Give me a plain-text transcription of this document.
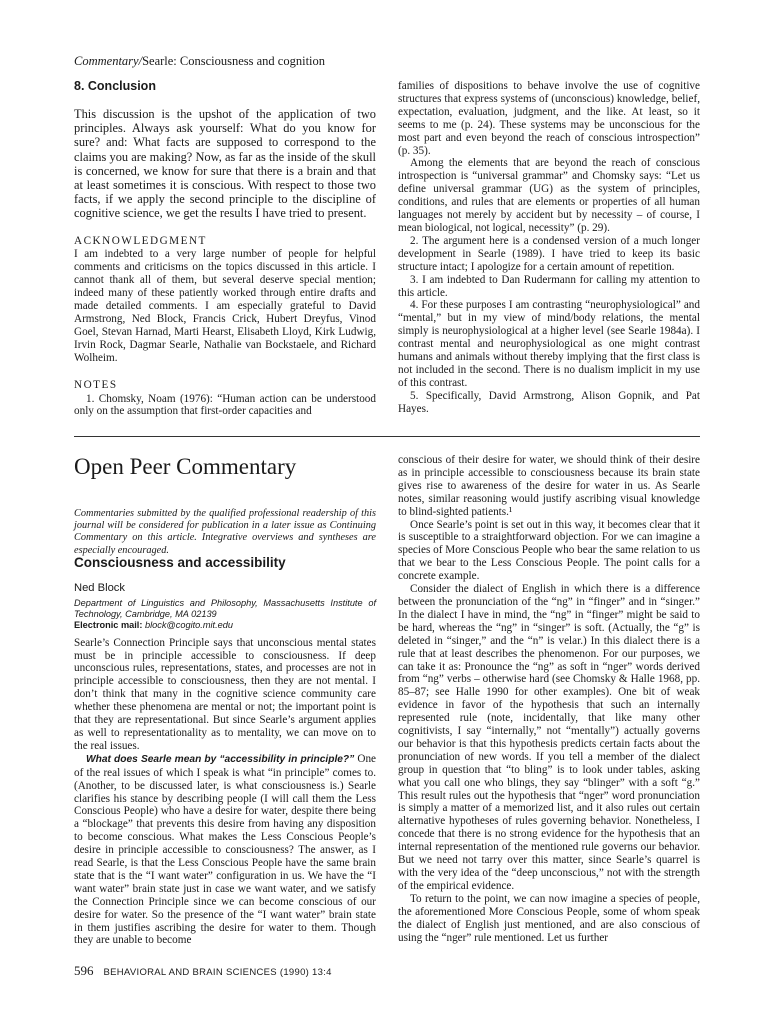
Commentary/Searle: Consciousness and cognition
8. Conclusion

This discussion is the upshot of the application of two principles. Always ask yourself: What do you know for sure? and: What facts are supposed to correspond to the claims you are making? Now, as far as the inside of the skull is concerned, we know for sure that there is a brain and that at least sometimes it is conscious. With respect to those two facts, if we apply the second principle to the discipline of cognitive science, we get the results I have tried to present.

ACKNOWLEDGMENT

I am indebted to a very large number of people for helpful comments and criticisms on the topics discussed in this article. I cannot thank all of them, but several deserve special mention; indeed many of these patiently worked through entire drafts and made detailed comments. I am especially grateful to David Armstrong, Ned Block, Francis Crick, Hubert Dreyfus, Vinod Goel, Stevan Harnad, Marti Hearst, Elisabeth Lloyd, Kirk Ludwig, Irvin Rock, Dagmar Searle, Nathalie van Bockstaele, and Richard Wolheim.

NOTES

1. Chomsky, Noam (1976): “Human action can be understood only on the assumption that first-order capacities and

families of dispositions to behave involve the use of cognitive structures that express systems of (unconscious) knowledge, belief, expectation, evaluation, judgment, and the like. At least, so it seems to me (p. 24). These systems may be unconscious for the most part and even beyond the reach of conscious introspection” (p. 35).

Among the elements that are beyond the reach of conscious introspection is “universal grammar” and Chomsky says: “Let us define universal grammar (UG) as the system of principles, conditions, and rules that are elements or properties of all human languages not merely by accident but by necessity – of course, I mean biological, not logical, necessity” (p. 29).

2. The argument here is a condensed version of a much longer development in Searle (1989). I have tried to keep its basic structure intact; I apologize for a certain amount of repetition.

3. I am indebted to Dan Rudermann for calling my attention to this article.

4. For these purposes I am contrasting “neurophysiological” and “mental,” but in my view of mind/body relations, the mental simply is neurophysiological at a higher level (see Searle 1984a). I contrast mental and neurophysiological as one might contrast humans and animals without thereby implying that the first class is not included in the second. There is no dualism implicit in my use of this contrast.

5. Specifically, David Armstrong, Alison Gopnik, and Pat Hayes.

Open Peer Commentary

Commentaries submitted by the qualified professional readership of this journal will be considered for publication in a later issue as Continuing Commentary on this article. Integrative overviews and syntheses are especially encouraged.

Consciousness and accessibility
Ned Block
Department of Linguistics and Philosophy, Massachusetts Institute of Technology, Cambridge, MA 02139
Electronic mail: block@cogito.mit.edu

Searle’s Connection Principle says that unconscious mental states must be in principle accessible to consciousness. If deep unconscious rules, representations, states, and processes are not in principle accessible to consciousness, then they are not mental. I don’t think that many in the cognitive science community care whether these phenomena are mental or not; the important point is that they are representational. But since Searle’s argument applies as well to representationality as to mentality, we can move on to the real issues.

What does Searle mean by “accessibility in principle?” One of the real issues of which I speak is what “in principle” comes to. (Another, to be discussed later, is what consciousness is.) Searle clarifies his stance by describing people (I will call them the Less Conscious People) who have a desire for water, despite there being a “blockage” that prevents this desire from having any disposition to become conscious. What makes the Less Conscious People’s desire in principle accessible to consciousness? The answer, as I read Searle, is that the Less Conscious People have the same brain state that is the “I want water” configuration in us. We have the “I want water” brain state just in case we want water, and we satisfy the Connection Principle since we can become conscious of our desire for water. So the presence of the “I want water” brain state in them justifies ascribing the desire for water to them. Though they are unable to become

conscious of their desire for water, we should think of their desire as in principle accessible to consciousness because its brain state gives rise to awareness of the desire for water in us. As Searle notes, similar reasoning would justify ascribing visual knowledge to blind-sighted patients.¹

Once Searle’s point is set out in this way, it becomes clear that it is susceptible to a straightforward objection. For we can imagine a species of More Conscious People who bear the same relation to us that we bear to the Less Conscious People. The point calls for a concrete example.

Consider the dialect of English in which there is a difference between the pronunciation of the “ng” in “finger” and in “singer.” In the dialect I have in mind, the “ng” in “finger” might be said to be hard, whereas the “ng” in “singer” is soft. (Actually, the “g” is deleted in “singer,” and the “n” is velar.) In this dialect there is a rule that at least describes the phenomenon. For our purposes, we can take it as: Pronounce the “ng” as soft in “nger” words derived from “ng” verbs – otherwise hard (see Chomsky & Halle 1968, pp. 85–87; see Halle 1990 for other examples). One bit of weak evidence in favor of the hypothesis that such an internally represented rule (note, incidentally, that like many other cognitivists, I say “internally,” not “mentally”) actually governs our behavior is that this hypothesis predicts certain facts about the pronunciation of new words. If you tell a member of the dialect group in question that “to bling” is to look under tables, asking what you call one who blings, they say “blinger” with a soft “g.” This result rules out the hypothesis that “nger” word pronunciation is simply a matter of a memorized list, and it also rules out certain alternative hypotheses of rules governing behavior. Nonetheless, I concede that there is no strong evidence for the hypothesis that an internal representation of the mentioned rule governs our behavior. But we need not tarry over this matter, since Searle’s quarrel is with the very idea of the “deep unconscious,” not with the strength of the empirical evidence.

To return to the point, we can now imagine a species of people, the aforementioned More Conscious People, some of whom speak the dialect of English just mentioned, and are also conscious of using the “nger” rule mentioned. Let us further

596 BEHAVIORAL AND BRAIN SCIENCES (1990) 13:4
